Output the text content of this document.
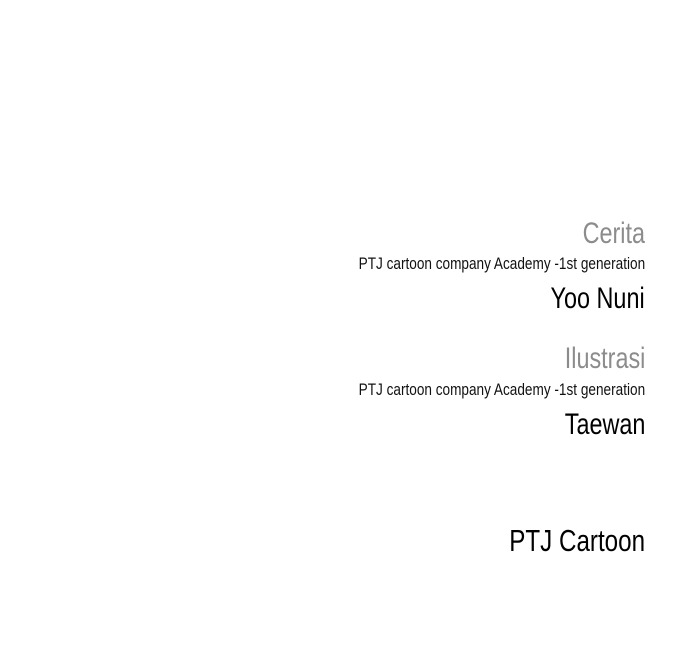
Cerita
PTJ cartoon company Academy -1st generation
Yoo Nuni
Ilustrasi
PTJ cartoon company Academy -1st generation
Taewan
PTJ Cartoon
